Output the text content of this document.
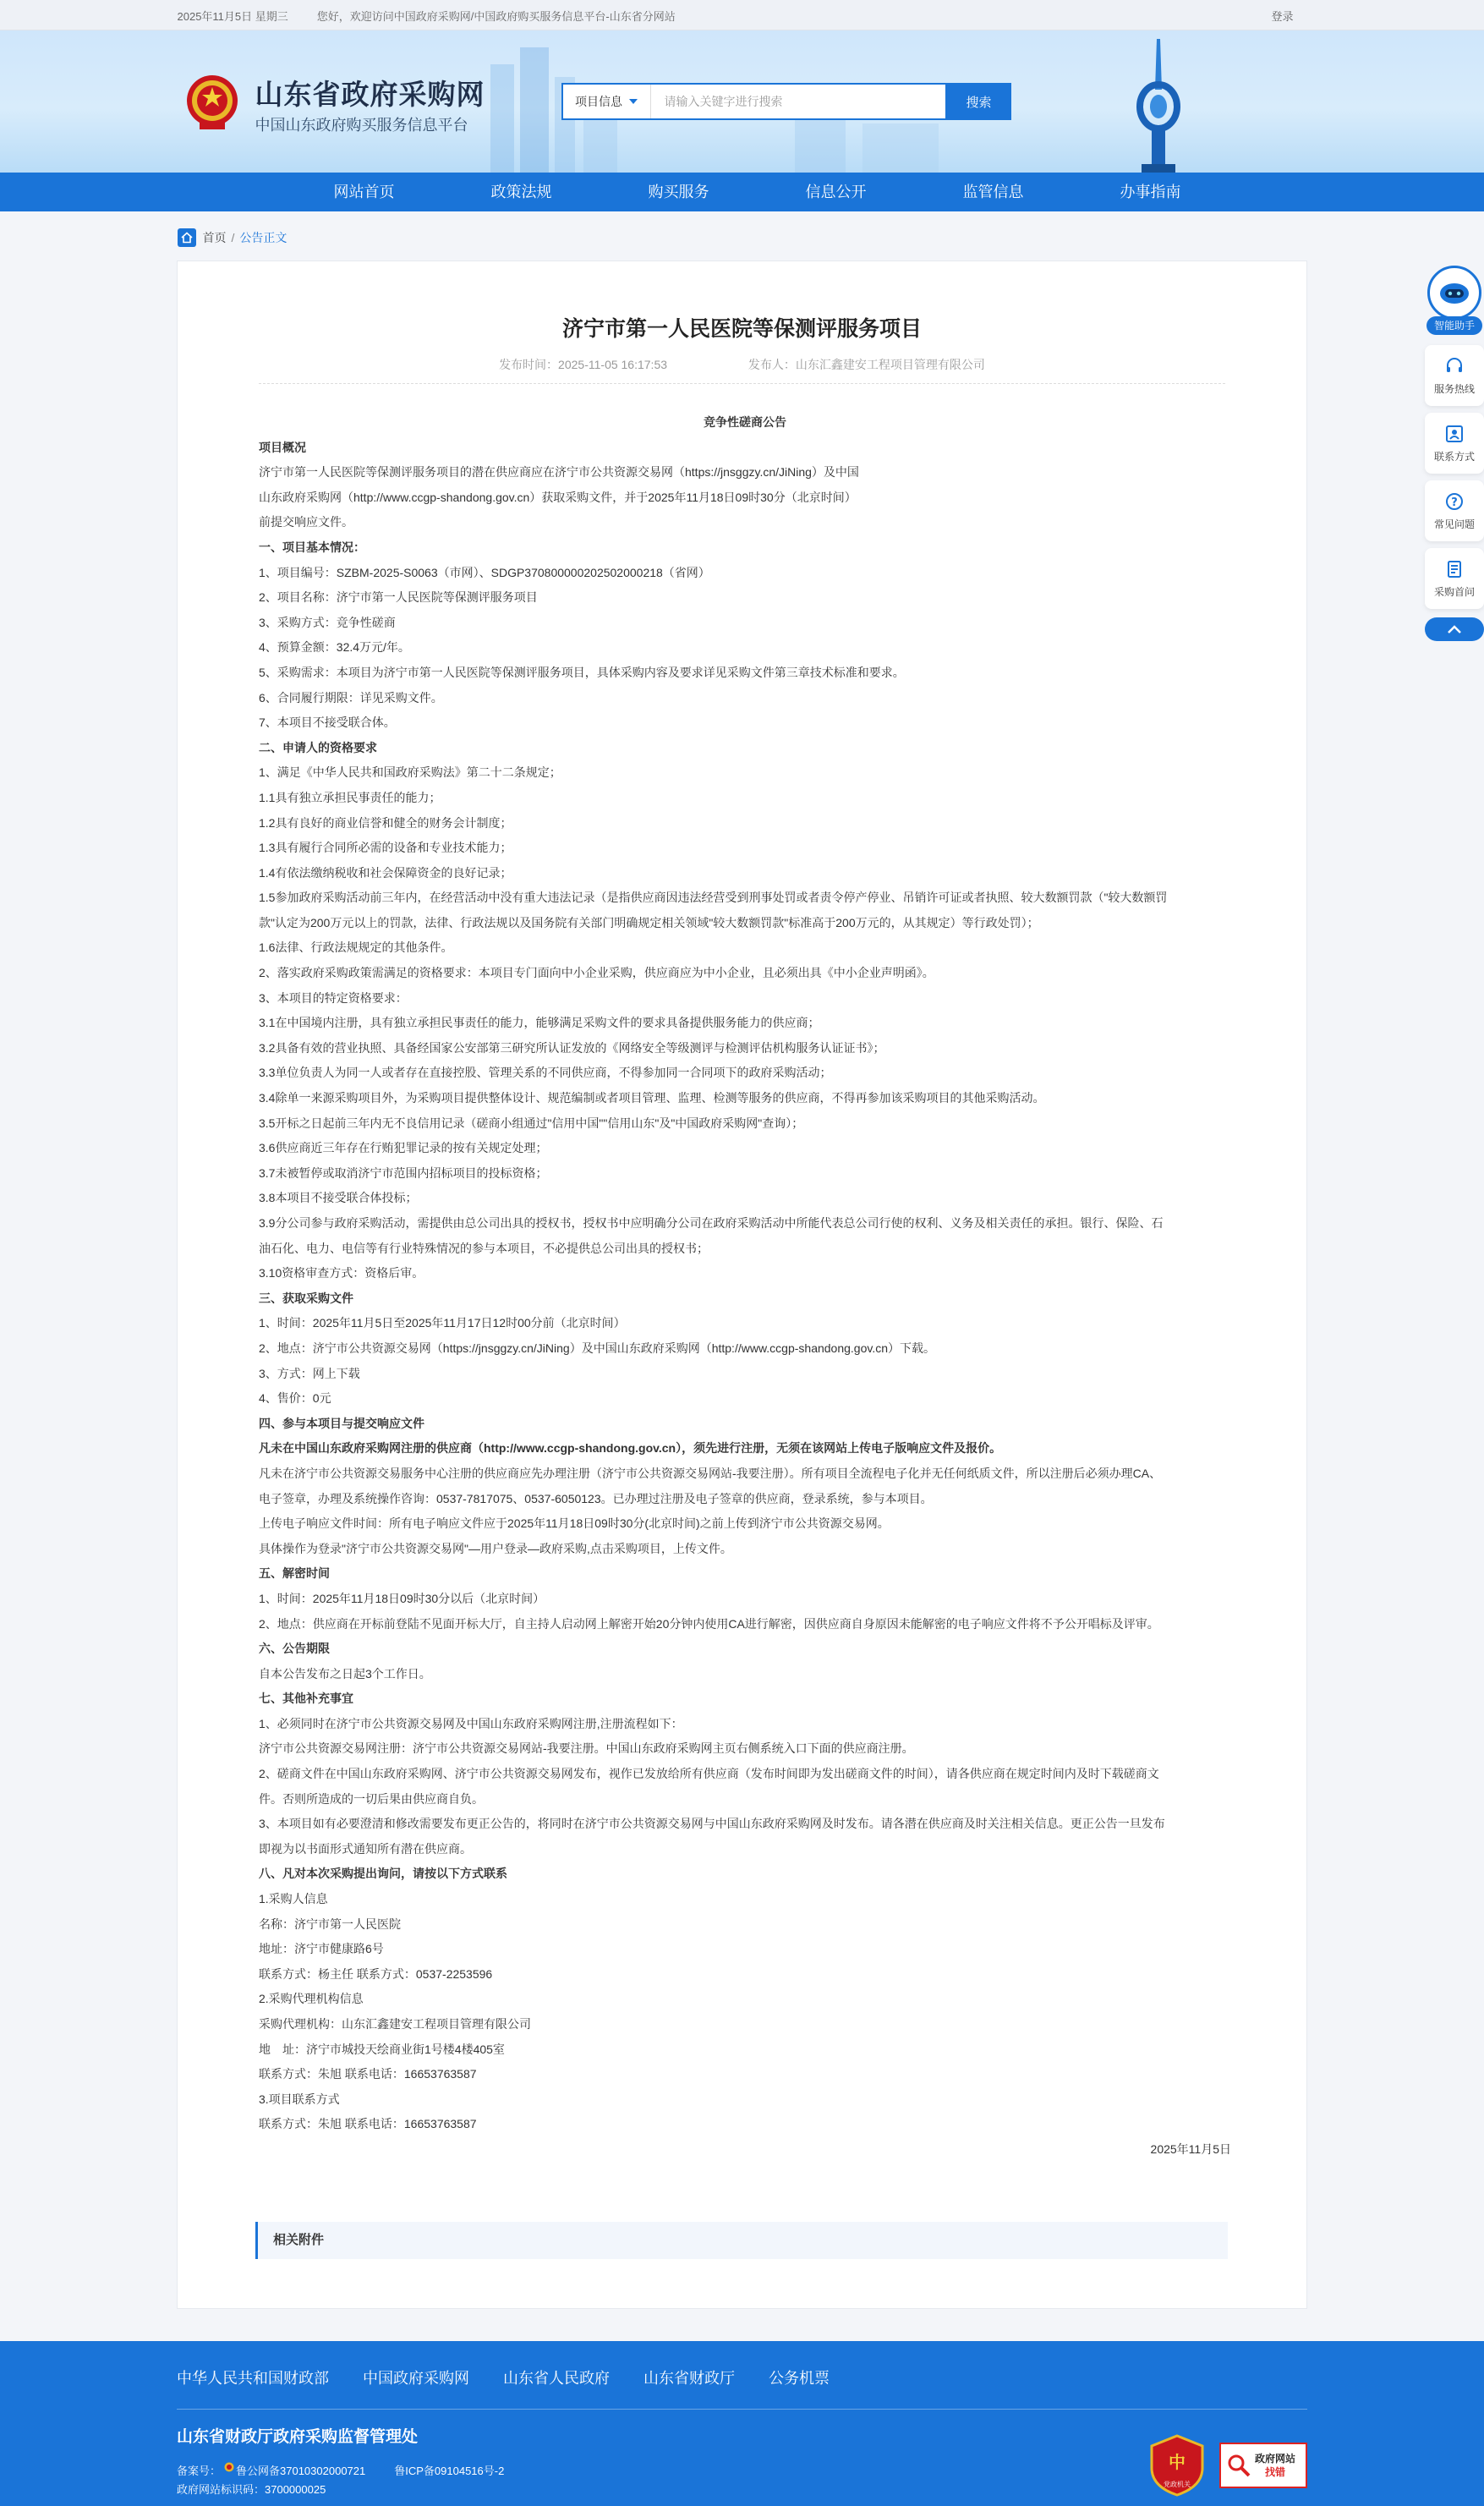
2025年11月5日 星期三	您好，欢迎访问中国政府采购网/中国政府购买服务信息平台-山东省分网站	登录
山东省政府采购网
中国山东政府购买服务信息平台
项目信息
请输入关键字进行搜索	搜索
网站首页	政策法规	购买服务	信息公开	监管信息	办事指南
首页 / 公告正文
济宁市第一人民医院等保测评服务项目
发布时间：2025-11-05 16:17:53	发布人：山东汇鑫建安工程项目管理有限公司

竞争性磋商公告

项目概况

济宁市第一人民医院等保测评服务项目的潜在供应商应在济宁市公共资源交易网（https://jnsggzy.cn/JiNing）及中国

山东政府采购网（http://www.ccgp-shandong.gov.cn）获取采购文件，并于2025年11月18日09时30分（北京时间）

前提交响应文件。

一、项目基本情况：

1、项目编号：SZBM-2025-S0063（市网）、SDGP370800000202502000218（省网）

2、项目名称：济宁市第一人民医院等保测评服务项目

3、采购方式：竞争性磋商

4、预算金额：32.4万元/年。

5、采购需求：本项目为济宁市第一人民医院等保测评服务项目，具体采购内容及要求详见采购文件第三章技术标准和要求。

6、合同履行期限：详见采购文件。

7、本项目不接受联合体。

二、申请人的资格要求

1、满足《中华人民共和国政府采购法》第二十二条规定；

1.1具有独立承担民事责任的能力；

1.2具有良好的商业信誉和健全的财务会计制度；

1.3具有履行合同所必需的设备和专业技术能力；

1.4有依法缴纳税收和社会保障资金的良好记录；

1.5参加政府采购活动前三年内，在经营活动中没有重大违法记录（是指供应商因违法经营受到刑事处罚或者责令停产停业、吊销许可证或者执照、较大数额罚款（"较大数额罚

款"认定为200万元以上的罚款，法律、行政法规以及国务院有关部门明确规定相关领域"较大数额罚款"标准高于200万元的，从其规定）等行政处罚）；

1.6法律、行政法规规定的其他条件。

2、落实政府采购政策需满足的资格要求：本项目专门面向中小企业采购，供应商应为中小企业，且必须出具《中小企业声明函》。

3、本项目的特定资格要求：

3.1在中国境内注册，具有独立承担民事责任的能力，能够满足采购文件的要求具备提供服务能力的供应商；

3.2具备有效的营业执照、具备经国家公安部第三研究所认证发放的《网络安全等级测评与检测评估机构服务认证证书》；

3.3单位负责人为同一人或者存在直接控股、管理关系的不同供应商，不得参加同一合同项下的政府采购活动；

3.4除单一来源采购项目外，为采购项目提供整体设计、规范编制或者项目管理、监理、检测等服务的供应商，不得再参加该采购项目的其他采购活动。

3.5开标之日起前三年内无不良信用记录（磋商小组通过"信用中国""信用山东"及"中国政府采购网"查询）；

3.6供应商近三年存在行贿犯罪记录的按有关规定处理；

3.7未被暂停或取消济宁市范围内招标项目的投标资格；

3.8本项目不接受联合体投标；

3.9分公司参与政府采购活动，需提供由总公司出具的授权书，授权书中应明确分公司在政府采购活动中所能代表总公司行使的权利、义务及相关责任的承担。银行、保险、石

油石化、电力、电信等有行业特殊情况的参与本项目，不必提供总公司出具的授权书；

3.10资格审查方式：资格后审。

三、获取采购文件

1、时间：2025年11月5日至2025年11月17日12时00分前（北京时间）

2、地点：济宁市公共资源交易网（https://jnsggzy.cn/JiNing）及中国山东政府采购网（http://www.ccgp-shandong.gov.cn）下载。

3、方式：网上下载

4、售价：0元

四、参与本项目与提交响应文件

凡未在中国山东政府采购网注册的供应商（http://www.ccgp-shandong.gov.cn），须先进行注册，无须在该网站上传电子版响应文件及报价。

凡未在济宁市公共资源交易服务中心注册的供应商应先办理注册（济宁市公共资源交易网站-我要注册）。所有项目全流程电子化并无任何纸质文件，所以注册后必须办理CA、

电子签章，办理及系统操作咨询：0537-7817075、0537-6050123。已办理过注册及电子签章的供应商，登录系统，参与本项目。

上传电子响应文件时间：所有电子响应文件应于2025年11月18日09时30分(北京时间)之前上传到济宁市公共资源交易网。

具体操作为登录"济宁市公共资源交易网"—用户登录—政府采购,点击采购项目，上传文件。

五、解密时间

1、时间：2025年11月18日09时30分以后（北京时间）

2、地点：供应商在开标前登陆不见面开标大厅，自主持人启动网上解密开始20分钟内使用CA进行解密，因供应商自身原因未能解密的电子响应文件将不予公开唱标及评审。

六、公告期限

自本公告发布之日起3个工作日。

七、其他补充事宜

1、必须同时在济宁市公共资源交易网及中国山东政府采购网注册,注册流程如下：

济宁市公共资源交易网注册：济宁市公共资源交易网站-我要注册。中国山东政府采购网主页右侧系统入口下面的供应商注册。

2、磋商文件在中国山东政府采购网、济宁市公共资源交易网发布，视作已发放给所有供应商（发布时间即为发出磋商文件的时间），请各供应商在规定时间内及时下载磋商文

件。否则所造成的一切后果由供应商自负。

3、本项目如有必要澄清和修改需要发布更正公告的，将同时在济宁市公共资源交易网与中国山东政府采购网及时发布。请各潜在供应商及时关注相关信息。更正公告一旦发布

即视为以书面形式通知所有潜在供应商。

八、凡对本次采购提出询问，请按以下方式联系

1.采购人信息

名称：济宁市第一人民医院

地址：济宁市健康路6号

联系方式：杨主任 联系方式：0537-2253596

2.采购代理机构信息

采购代理机构：山东汇鑫建安工程项目管理有限公司

地　址：济宁市城投天绘商业街1号楼4楼405室

联系方式：朱旭 联系电话：16653763587

3.项目联系方式

联系方式：朱旭 联系电话：16653763587

2025年11月5日

相关附件
智能助手
服务热线
联系方式
?
常见问题
采购首问
中华人民共和国财政部 中国政府采购网 山东省人民政府 山东省财政厅 公务机票
山东省财政厅政府采购监督管理处
备案号： 鲁公网备37010302000721	鲁ICP备09104516号-2
政府网站标识码：3700000025
中
党政机关
政府网站
找错
